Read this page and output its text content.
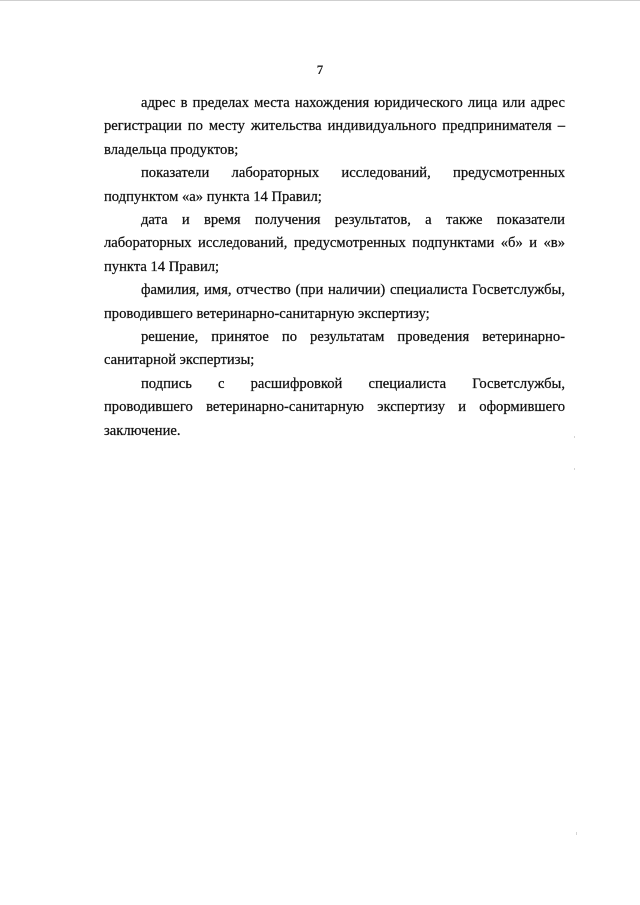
7

адрес в пределах места нахождения юридического лица или адрес регистрации по месту жительства индивидуального предпринимателя – владельца продуктов;

показатели лабораторных исследований, предусмотренных подпунктом «а» пункта 14 Правил;

дата и время получения результатов, а также показатели лабораторных исследований, предусмотренных подпунктами «б» и «в» пункта 14 Правил;

фамилия, имя, отчество (при наличии) специалиста Госветслужбы, проводившего ветеринарно-санитарную экспертизу;

решение, принятое по результатам проведения ветеринарно-санитарной экспертизы;

подпись с расшифровкой специалиста Госветслужбы, проводившего ветеринарно-санитарную экспертизу и оформившего заключение.
